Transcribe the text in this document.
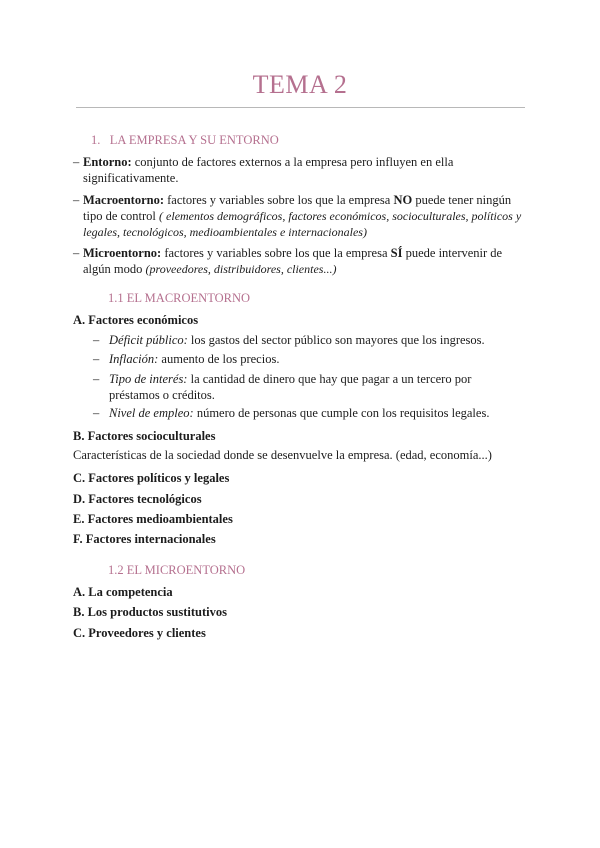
TEMA 2
1. LA EMPRESA Y SU ENTORNO
– Entorno: conjunto de factores externos a la empresa pero influyen en ella significativamente.
– Macroentorno: factores y variables sobre los que la empresa NO puede tener ningún tipo de control ( elementos demográficos, factores económicos, socioculturales, políticos y legales, tecnológicos, medioambientales e internacionales)
– Microentorno: factores y variables sobre los que la empresa SÍ puede intervenir de algún modo (proveedores, distribuidores, clientes...)
1.1 EL MACROENTORNO
A. Factores económicos
– Déficit público: los gastos del sector público son mayores que los ingresos.
– Inflación: aumento de los precios.
– Tipo de interés: la cantidad de dinero que hay que pagar a un tercero por préstamos o créditos.
– Nivel de empleo: número de personas que cumple con los requisitos legales.
B. Factores socioculturales
Características de la sociedad donde se desenvuelve la empresa. (edad, economía...)
C. Factores políticos y legales
D. Factores tecnológicos
E. Factores medioambientales
F. Factores internacionales
1.2 EL MICROENTORNO
A. La competencia
B. Los productos sustitutivos
C. Proveedores y clientes
